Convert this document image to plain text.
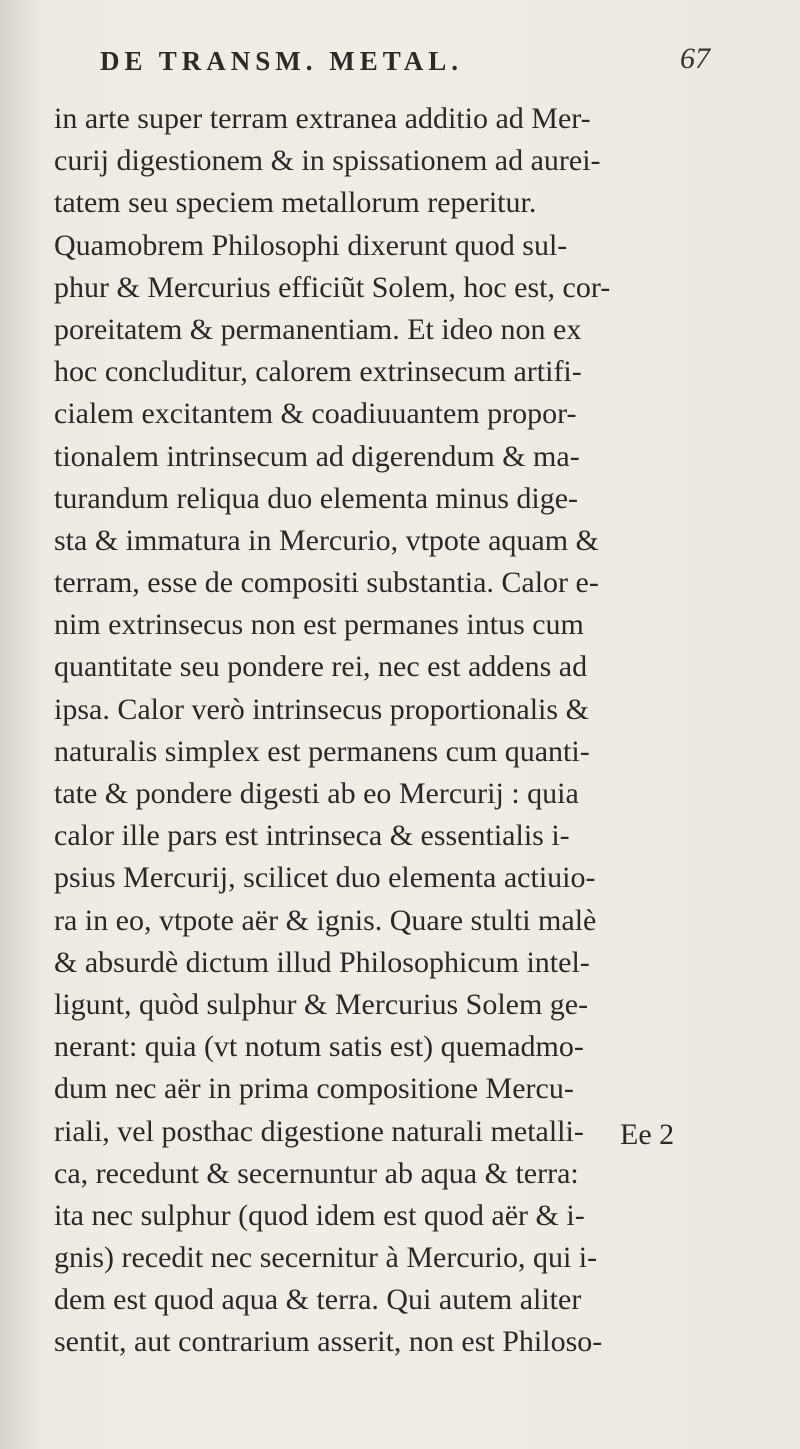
DE TRANSM. METAL.	67
in arte super terram extranea additio ad Mer-
curij digestionem & in spissationem ad aurei-
tatem seu speciem metallorum reperitur.
Quamobrem Philosophi dixerunt quod sul-
phur & Mercurius efficiũt Solem, hoc est, cor-
poreitatem & permanentiam. Et ideo non ex
hoc concluditur, calorem extrinsecum artifi-
cialem excitantem & coadiuuantem propor-
tionalem intrinsecum ad digerendum & ma-
turandum reliqua duo elementa minus dige-
sta & immatura in Mercurio, vtpote aquam &
terram, esse de compositi substantia. Calor e-
nim extrinsecus non est permanes intus cum
quantitate seu pondere rei, nec est addens ad
ipsa. Calor verò intrinsecus proportionalis &
naturalis simplex est permanens cum quanti-
tate & pondere digesti ab eo Mercurij : quia
calor ille pars est intrinseca & essentialis i-
psius Mercurij, scilicet duo elementa actiuio-
ra in eo, vtpote aër & ignis. Quare stulti malè
& absurdè dictum illud Philosophicum intel-
ligunt, quòd sulphur & Mercurius Solem ge-
nerant: quia (vt notum satis est) quemadmo-
dum nec aër in prima compositione Mercu-
riali, vel posthac digestione naturali metalli-
ca, recedunt & secernuntur ab aqua & terra:
ita nec sulphur (quod idem est quod aër & i-
gnis) recedit nec secernitur à Mercurio, qui i-
dem est quod aqua & terra. Qui autem aliter
sentit, aut contrarium asserit, non est Philoso-
Ee 2
